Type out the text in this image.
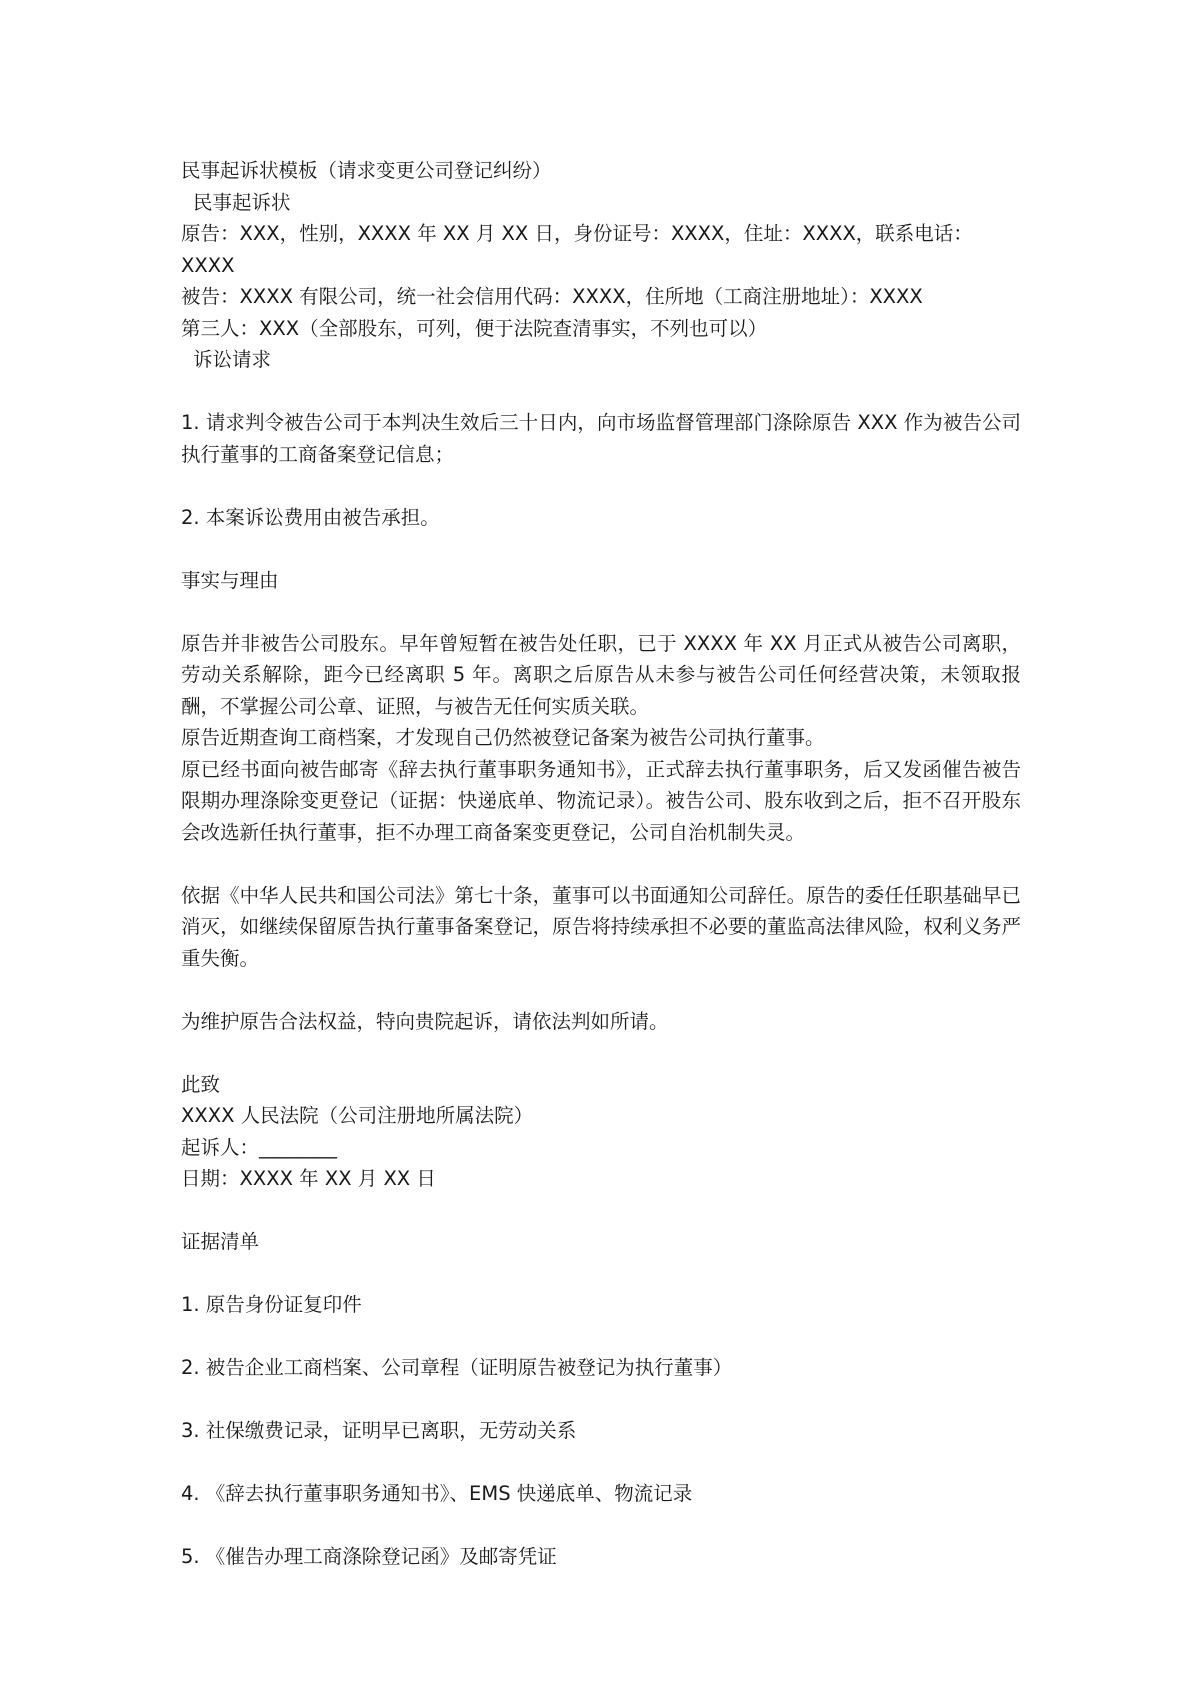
民事起诉状模板（请求变更公司登记纠纷）

民事起诉状

原告：XXX，性别，XXXX 年 XX 月 XX 日，身份证号：XXXX，住址：XXXX，联系电话：XXXX

被告：XXXX 有限公司，统一社会信用代码：XXXX，住所地（工商注册地址）：XXXX

第三人：XXX（全部股东，可列，便于法院查清事实，不列也可以）

诉讼请求

1. 请求判令被告公司于本判决生效后三十日内，向市场监督管理部门涤除原告 XXX 作为被告公司执行董事的工商备案登记信息；

2. 本案诉讼费用由被告承担。

事实与理由

原告并非被告公司股东。早年曾短暂在被告处任职，已于 XXXX 年 XX 月正式从被告公司离职，劳动关系解除，距今已经离职 5 年。离职之后原告从未参与被告公司任何经营决策，未领取报酬，不掌握公司公章、证照，与被告无任何实质关联。

原告近期查询工商档案，才发现自己仍然被登记备案为被告公司执行董事。

原已经书面向被告邮寄《辞去执行董事职务通知书》，正式辞去执行董事职务，后又发函催告被告限期办理涤除变更登记（证据：快递底单、物流记录）。被告公司、股东收到之后，拒不召开股东会改选新任执行董事，拒不办理工商备案变更登记，公司自治机制失灵。

依据《中华人民共和国公司法》第七十条，董事可以书面通知公司辞任。原告的委任任职基础早已消灭，如继续保留原告执行董事备案登记，原告将持续承担不必要的董监高法律风险，权利义务严重失衡。

为维护原告合法权益，特向贵院起诉，请依法判如所请。

此致

XXXX 人民法院（公司注册地所属法院）

起诉人：________

日期：XXXX 年 XX 月 XX 日

证据清单

1. 原告身份证复印件

2. 被告企业工商档案、公司章程（证明原告被登记为执行董事）

3. 社保缴费记录，证明早已离职，无劳动关系

4. 《辞去执行董事职务通知书》、EMS 快递底单、物流记录

5. 《催告办理工商涤除登记函》及邮寄凭证
